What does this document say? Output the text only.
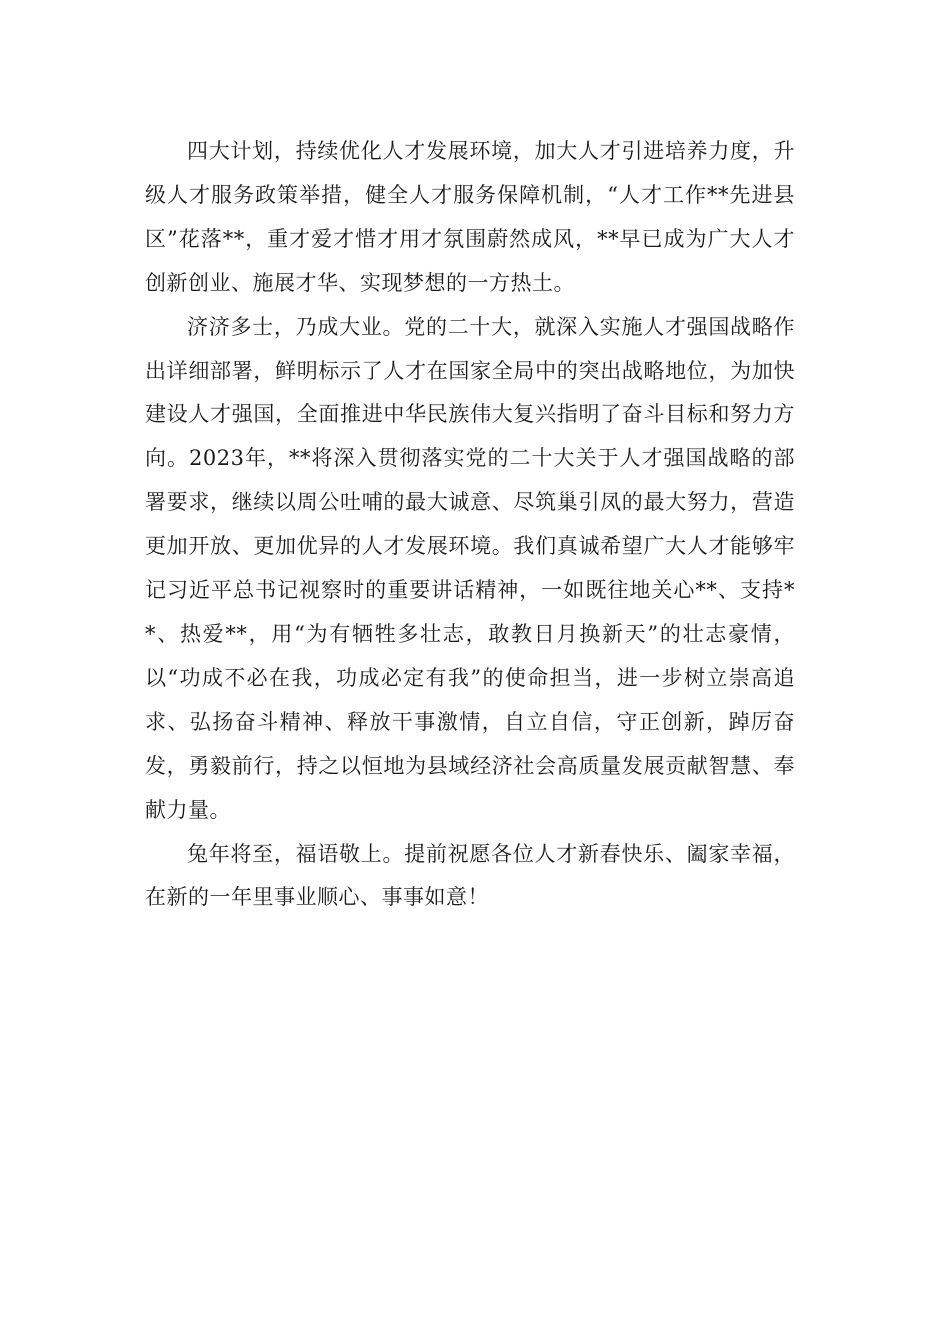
四大计划，持续优化人才发展环境，加大人才引进培养力度，升级人才服务政策举措，健全人才服务保障机制，“人才工作**先进县区”花落**，重才爱才惜才用才氛围蔚然成风，**早已成为广大人才创新创业、施展才华、实现梦想的一方热土。

济济多士，乃成大业。党的二十大，就深入实施人才强国战略作出详细部署，鲜明标示了人才在国家全局中的突出战略地位，为加快建设人才强国，全面推进中华民族伟大复兴指明了奋斗目标和努力方向。2023年，**将深入贯彻落实党的二十大关于人才强国战略的部署要求，继续以周公吐哺的最大诚意、尽筑巢引凤的最大努力，营造更加开放、更加优异的人才发展环境。我们真诚希望广大人才能够牢记习近平总书记视察时的重要讲话精神，一如既往地关心**、支持**、热爱**，用“为有牺牲多壮志，敢教日月换新天”的壮志豪情，以“功成不必在我，功成必定有我”的使命担当，进一步树立崇高追求、弘扬奋斗精神、释放干事激情，自立自信，守正创新，踔厉奋发，勇毅前行，持之以恒地为县域经济社会高质量发展贡献智慧、奉献力量。

兔年将至，福语敬上。提前祝愿各位人才新春快乐、阖家幸福，在新的一年里事业顺心、事事如意！
